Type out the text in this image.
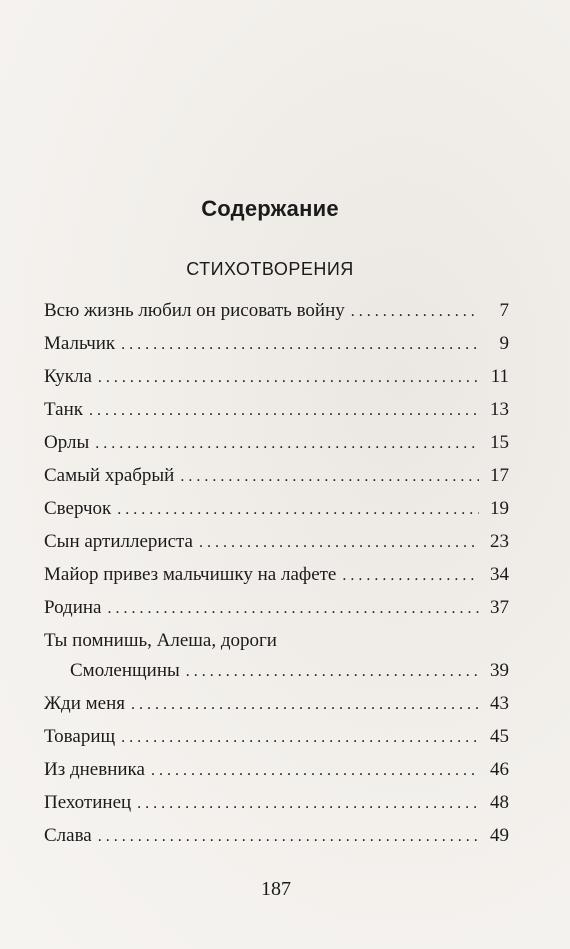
Содержание
СТИХОТВОРЕНИЯ
Всю жизнь любил он рисовать войну . . .	7
Мальчик . . .	9
Кукла . . .	11
Танк . . .	13
Орлы . . .	15
Самый храбрый . . .	17
Сверчок . . .	19
Сын артиллериста . . .	23
Майор привез мальчишку на лафете . . .	34
Родина . . .	37
Ты помнишь, Алеша, дороги
Смоленщины . . .	39
Жди меня . . .	43
Товарищ . . .	45
Из дневника . . .	46
Пехотинец . . .	48
Слава . . .	49
187
